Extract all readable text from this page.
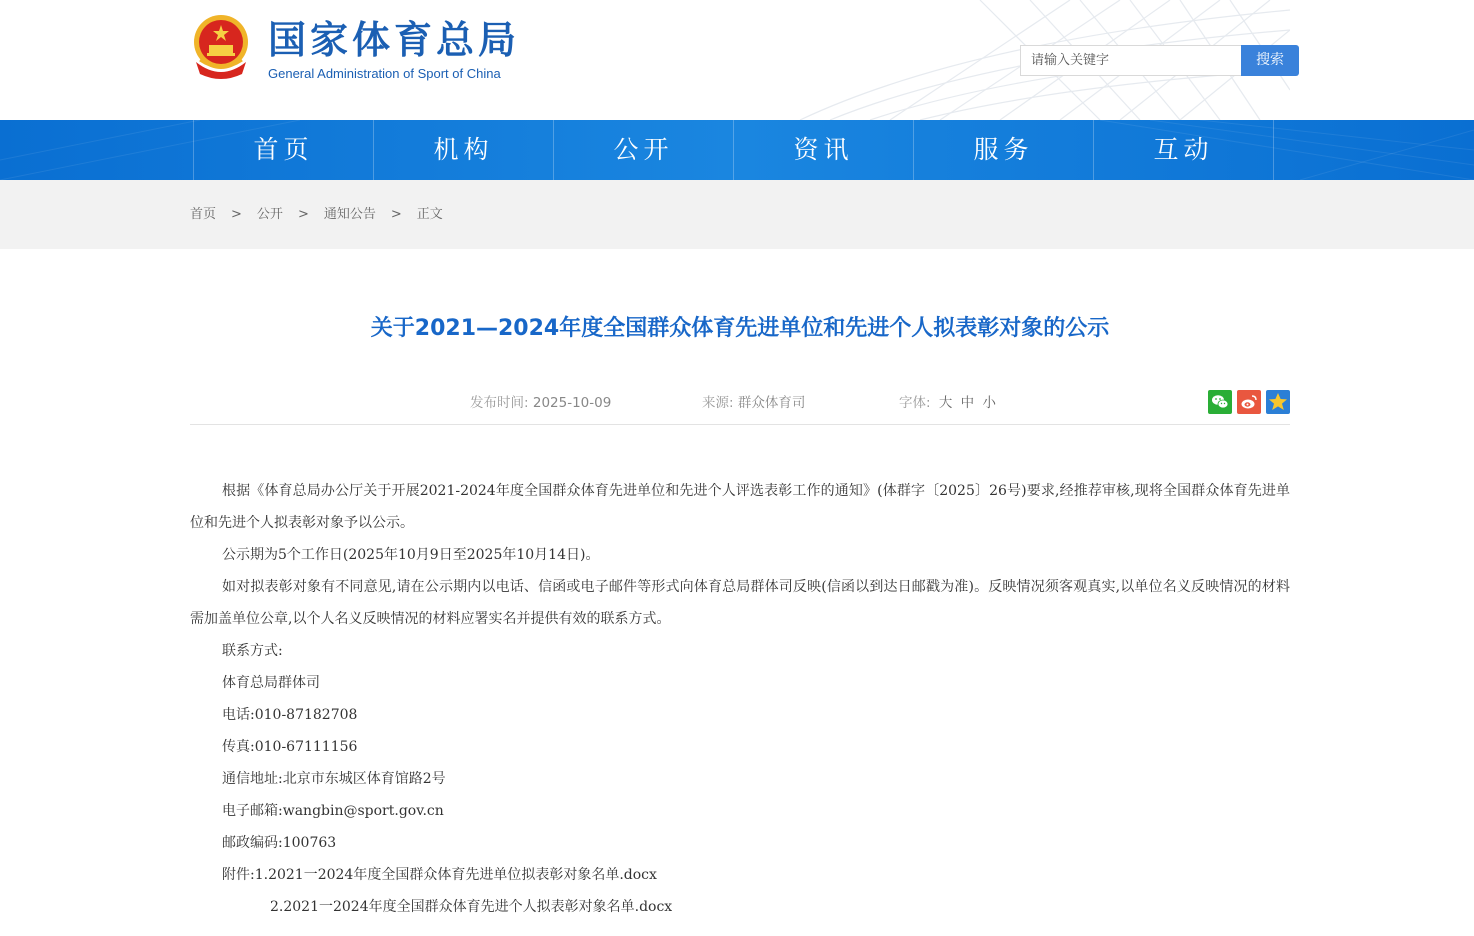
国家体育总局
General Administration of Sport of China
请输入关键字
搜索
首页	机构	公开	资讯	服务	互动
首页 > 公开 > 通知公告 > 正文
关于2021—2024年度全国群众体育先进单位和先进个人拟表彰对象的公示
发布时间: 2025-10-09	来源: 群众体育司	字体: 大 中 小

根据《体育总局办公厅关于开展2021-2024年度全国群众体育先进单位和先进个人评选表彰工作的通知》(体群字〔2025〕26号)要求,经推荐审核,现将全国群众体育先进单位和先进个人拟表彰对象予以公示。

公示期为5个工作日(2025年10月9日至2025年10月14日)。

如对拟表彰对象有不同意见,请在公示期内以电话、信函或电子邮件等形式向体育总局群体司反映(信函以到达日邮戳为准)。反映情况须客观真实,以单位名义反映情况的材料需加盖单位公章,以个人名义反映情况的材料应署实名并提供有效的联系方式。

联系方式:

体育总局群体司

电话:010-87182708

传真:010-67111156

通信地址:北京市东城区体育馆路2号

电子邮箱:wangbin@sport.gov.cn

邮政编码:100763

附件:1.2021一2024年度全国群众体育先进单位拟表彰对象名单.docx

2.2021一2024年度全国群众体育先进个人拟表彰对象名单.docx
